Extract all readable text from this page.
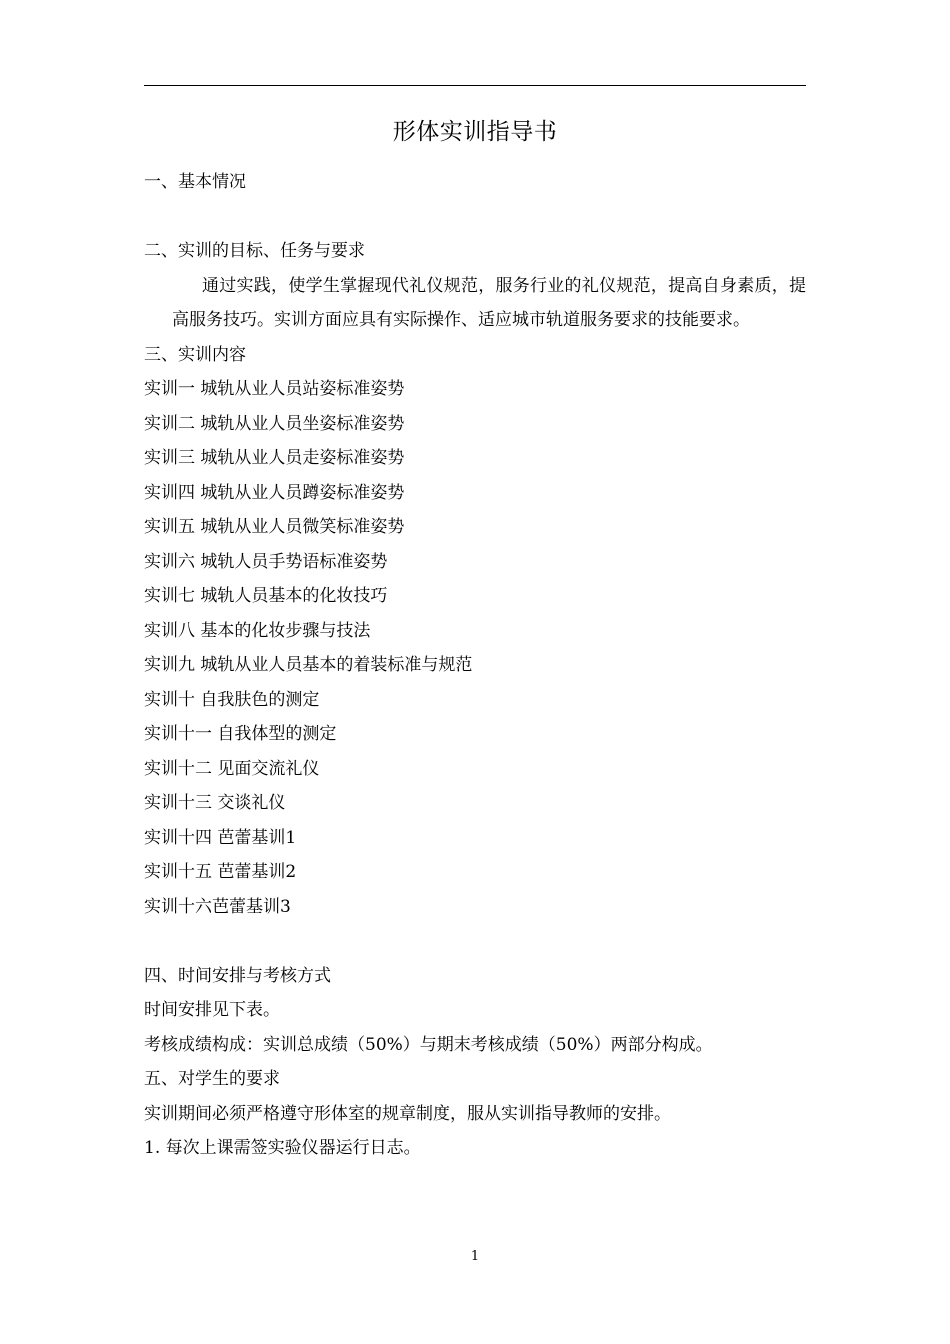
形体实训指导书
一、基本情况
二、实训的目标、任务与要求
通过实践，使学生掌握现代礼仪规范，服务行业的礼仪规范，提高自身素质，提高服务技巧。实训方面应具有实际操作、适应城市轨道服务要求的技能要求。
三、实训内容
实训一 城轨从业人员站姿标准姿势
实训二 城轨从业人员坐姿标准姿势
实训三 城轨从业人员走姿标准姿势
实训四 城轨从业人员蹲姿标准姿势
实训五 城轨从业人员微笑标准姿势
实训六 城轨人员手势语标准姿势
实训七 城轨人员基本的化妆技巧
实训八 基本的化妆步骤与技法
实训九 城轨从业人员基本的着装标准与规范
实训十 自我肤色的测定
实训十一 自我体型的测定
实训十二 见面交流礼仪
实训十三 交谈礼仪
实训十四 芭蕾基训1
实训十五 芭蕾基训2
实训十六芭蕾基训3
四、时间安排与考核方式
时间安排见下表。
考核成绩构成：实训总成绩（50%）与期末考核成绩（50%）两部分构成。
五、对学生的要求
实训期间必须严格遵守形体室的规章制度，服从实训指导教师的安排。
1. 每次上课需签实验仪器运行日志。
1
